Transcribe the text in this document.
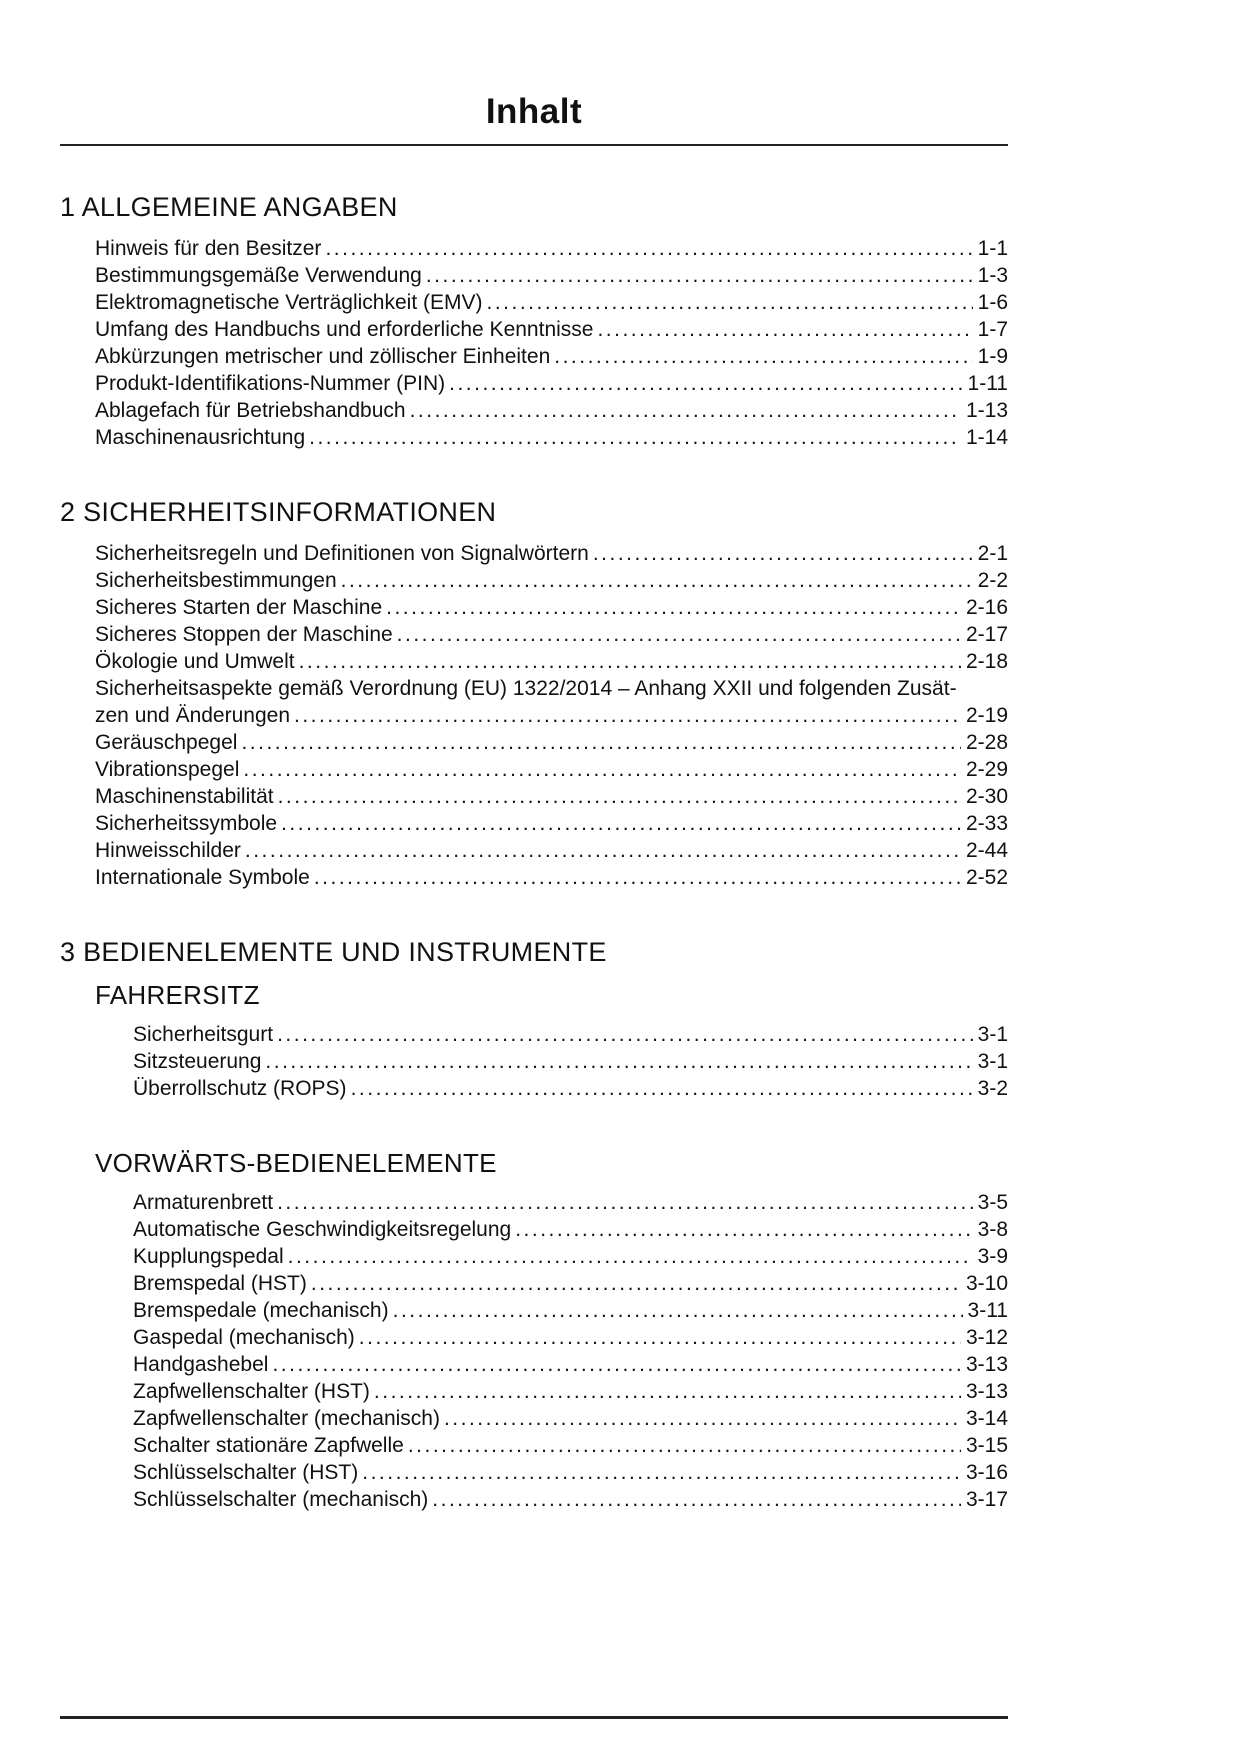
Inhalt
1 ALLGEMEINE ANGABEN
Hinweis für den Besitzer .....	1-1
Bestimmungsgemäße Verwendung .....	1-3
Elektromagnetische Verträglichkeit (EMV) .....	1-6
Umfang des Handbuchs und erforderliche Kenntnisse .....	1-7
Abkürzungen metrischer und zöllischer Einheiten .....	1-9
Produkt-Identifikations-Nummer (PIN) .....	1-11
Ablagefach für Betriebshandbuch .....	1-13
Maschinenausrichtung .....	1-14
2 SICHERHEITSINFORMATIONEN
Sicherheitsregeln und Definitionen von Signalwörtern .....	2-1
Sicherheitsbestimmungen .....	2-2
Sicheres Starten der Maschine .....	2-16
Sicheres Stoppen der Maschine .....	2-17
Ökologie und Umwelt .....	2-18
Sicherheitsaspekte gemäß Verordnung (EU) 1322/2014 – Anhang XXII und folgenden Zusät-
zen und Änderungen .....	2-19
Geräuschpegel .....	2-28
Vibrationspegel .....	2-29
Maschinenstabilität .....	2-30
Sicherheitssymbole .....	2-33
Hinweisschilder .....	2-44
Internationale Symbole .....	2-52
3 BEDIENELEMENTE UND INSTRUMENTE
FAHRERSITZ
Sicherheitsgurt .....	3-1
Sitzsteuerung .....	3-1
Überrollschutz (ROPS) .....	3-2
VORWÄRTS-BEDIENELEMENTE
Armaturenbrett .....	3-5
Automatische Geschwindigkeitsregelung .....	3-8
Kupplungspedal .....	3-9
Bremspedal (HST) .....	3-10
Bremspedale (mechanisch) .....	3-11
Gaspedal (mechanisch) .....	3-12
Handgashebel .....	3-13
Zapfwellenschalter (HST) .....	3-13
Zapfwellenschalter (mechanisch) .....	3-14
Schalter stationäre Zapfwelle .....	3-15
Schlüsselschalter (HST) .....	3-16
Schlüsselschalter (mechanisch) .....	3-17
